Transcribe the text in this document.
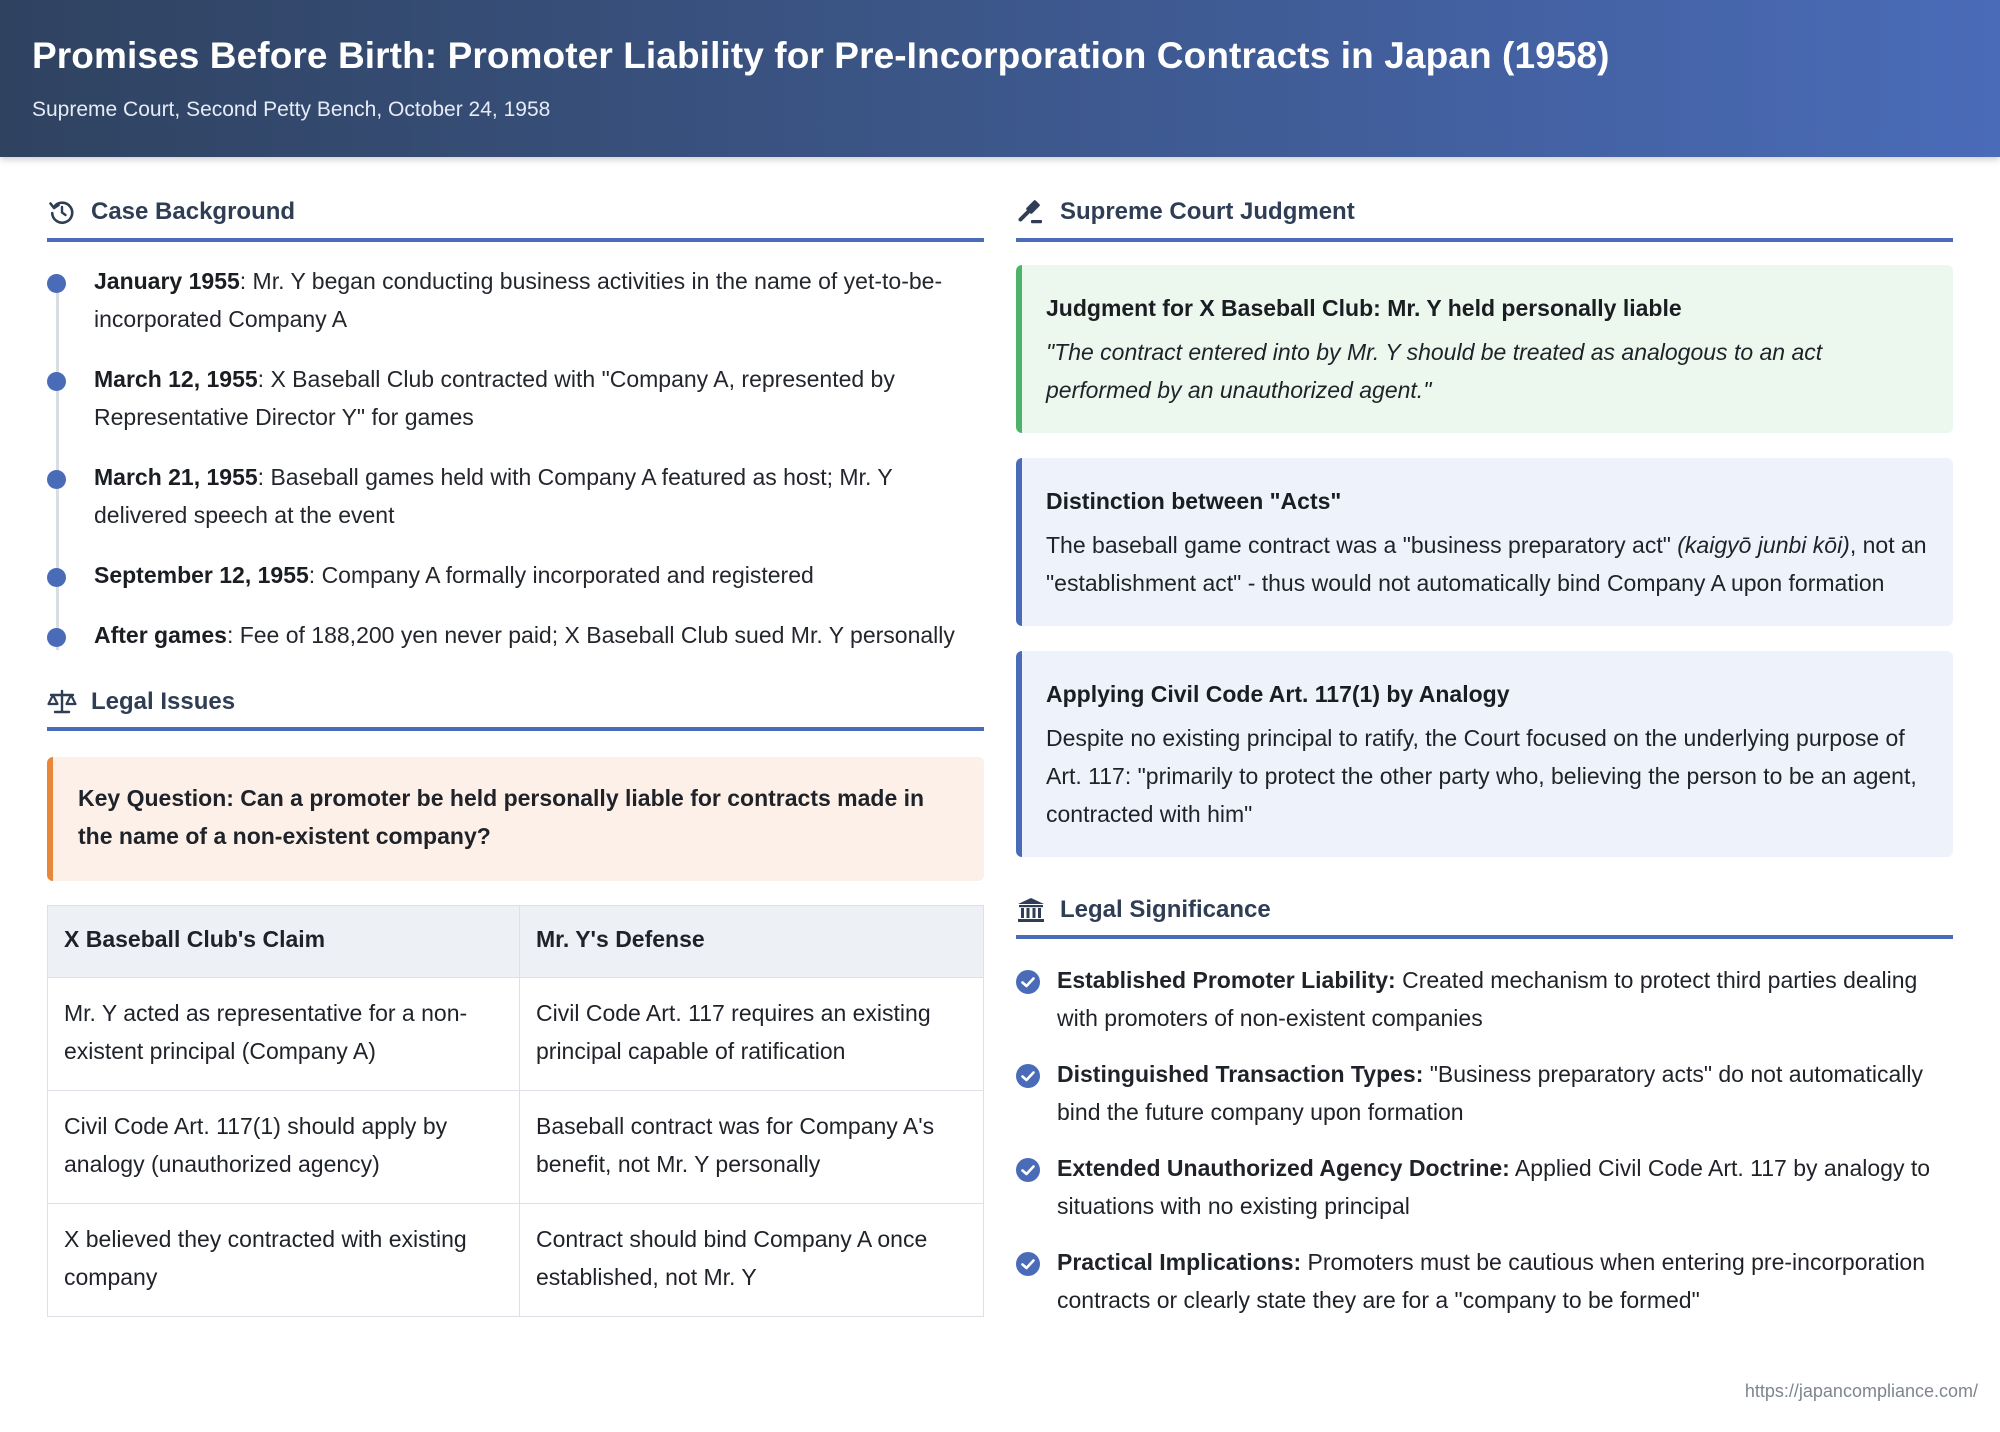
Promises Before Birth: Promoter Liability for Pre-Incorporation Contracts in Japan (1958)
Supreme Court, Second Petty Bench, October 24, 1958
Case Background
January 1955: Mr. Y began conducting business activities in the name of yet-to-be-incorporated Company A
March 12, 1955: X Baseball Club contracted with "Company A, represented by Representative Director Y" for games
March 21, 1955: Baseball games held with Company A featured as host; Mr. Y delivered speech at the event
September 12, 1955: Company A formally incorporated and registered
After games: Fee of 188,200 yen never paid; X Baseball Club sued Mr. Y personally
Legal Issues
Key Question: Can a promoter be held personally liable for contracts made in the name of a non-existent company?
X Baseball Club's Claim	Mr. Y's Defense
Mr. Y acted as representative for a non-existent principal (Company A)	Civil Code Art. 117 requires an existing principal capable of ratification
Civil Code Art. 117(1) should apply by analogy (unauthorized agency)	Baseball contract was for Company A's benefit, not Mr. Y personally
X believed they contracted with existing company	Contract should bind Company A once established, not Mr. Y
Supreme Court Judgment
Judgment for X Baseball Club: Mr. Y held personally liable
"The contract entered into by Mr. Y should be treated as analogous to an act performed by an unauthorized agent."
Distinction between "Acts"
The baseball game contract was a "business preparatory act" (kaigyō junbi kōi), not an "establishment act" - thus would not automatically bind Company A upon formation
Applying Civil Code Art. 117(1) by Analogy
Despite no existing principal to ratify, the Court focused on the underlying purpose of Art. 117: "primarily to protect the other party who, believing the person to be an agent, contracted with him"
Legal Significance
Established Promoter Liability: Created mechanism to protect third parties dealing with promoters of non-existent companies
Distinguished Transaction Types: "Business preparatory acts" do not automatically bind the future company upon formation
Extended Unauthorized Agency Doctrine: Applied Civil Code Art. 117 by analogy to situations with no existing principal
Practical Implications: Promoters must be cautious when entering pre-incorporation contracts or clearly state they are for a "company to be formed"
https://japancompliance.com/
